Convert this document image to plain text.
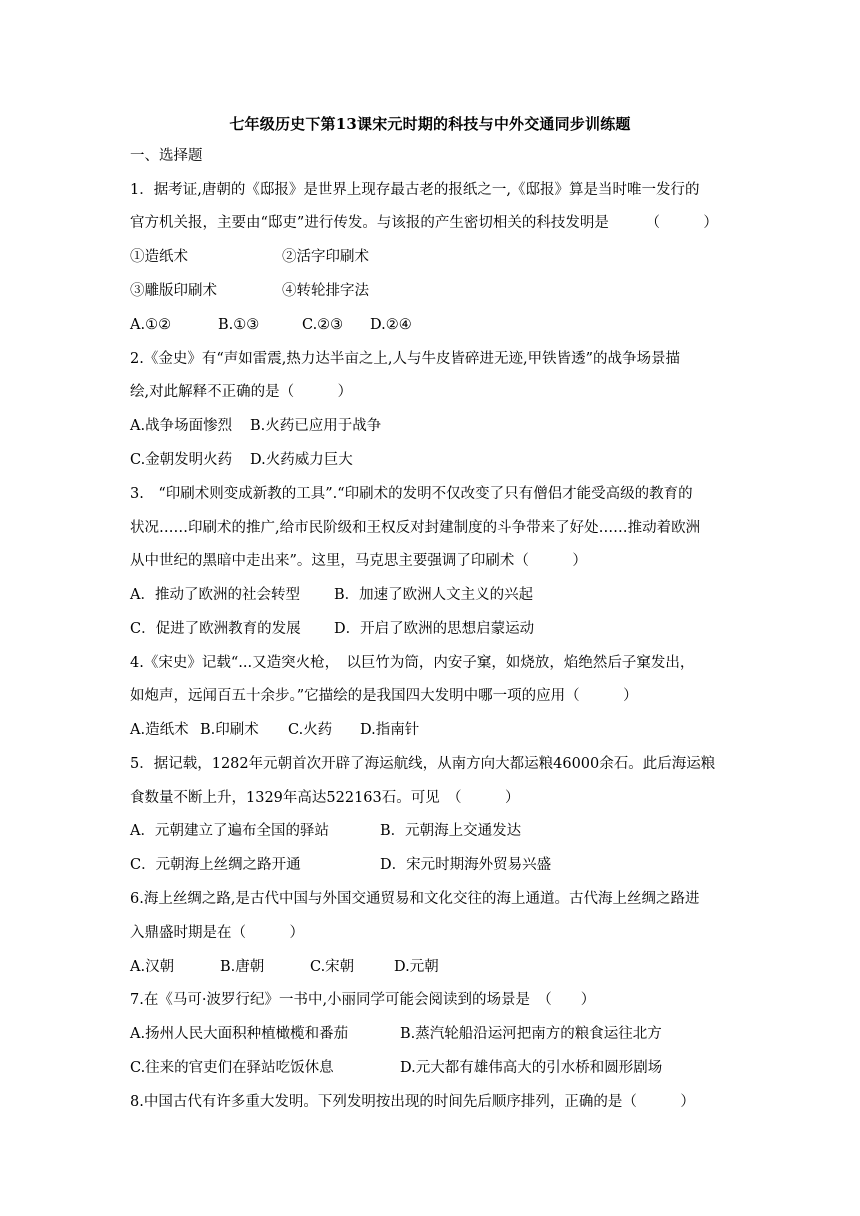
七年级历史下第13课宋元时期的科技与中外交通同步训练题
一、选择题
1．据考证,唐朝的《邸报》是世界上现存最古老的报纸之一,《邸报》算是当时唯一发行的
官方机关报，主要由“邸吏”进行传发。与该报的产生密切相关的科技发明是	（　　　）
①造纸术	②活字印刷术
③雕版印刷术	④转轮排字法
A.①②	B.①③	C.②③ D.②④
2.《金史》有“声如雷震,热力达半亩之上,人与牛皮皆碎进无迹,甲铁皆透”的战争场景描
绘,对此解释不正确的是（　　　）
A.战争场面惨烈 B.火药已应用于战争
C.金朝发明火药 D.火药威力巨大
3.　“印刷术则变成新教的工具”.“印刷术的发明不仅改变了只有僧侣才能受高级的教育的
状况……印刷术的推广,给市民阶级和王权反对封建制度的斗争带来了好处……推动着欧洲
从中世纪的黑暗中走出来”。这里，马克思主要强调了印刷术（　　　）
A．推动了欧洲的社会转型 B．加速了欧洲人文主义的兴起
C．促进了欧洲教育的发展 D．开启了欧洲的思想启蒙运动
4.《宋史》记载“...又造突火枪，　以巨竹为筒，内安子窠，如烧放，焰绝然后子窠发出，
如炮声，远闻百五十余步。”它描绘的是我国四大发明中哪一项的应用（　　　）
A.造纸术 B.印刷术 C.火药 D.指南针
5．据记载，1282年元朝首次开辟了海运航线，从南方向大都运粮46000余石。此后海运粮
食数量不断上升，1329年高达522163石。可见　（　　　）
A．元朝建立了遍布全国的驿站	B．元朝海上交通发达
C．元朝海上丝绸之路开通	D．宋元时期海外贸易兴盛
6.海上丝绸之路,是古代中国与外国交通贸易和文化交往的海上通道。古代海上丝绸之路进
入鼎盛时期是在（　　　）
A.汉朝	B.唐朝	C.宋朝	D.元朝
7.在《马可·波罗行纪》一书中,小丽同学可能会阅读到的场景是　（　　）
A.扬州人民大面积种植橄榄和番茄	B.蒸汽轮船沿运河把南方的粮食运往北方
C.往来的官吏们在驿站吃饭休息	D.元大都有雄伟高大的引水桥和圆形剧场
8.中国古代有许多重大发明。下列发明按出现的时间先后顺序排列，正确的是（　　　）
